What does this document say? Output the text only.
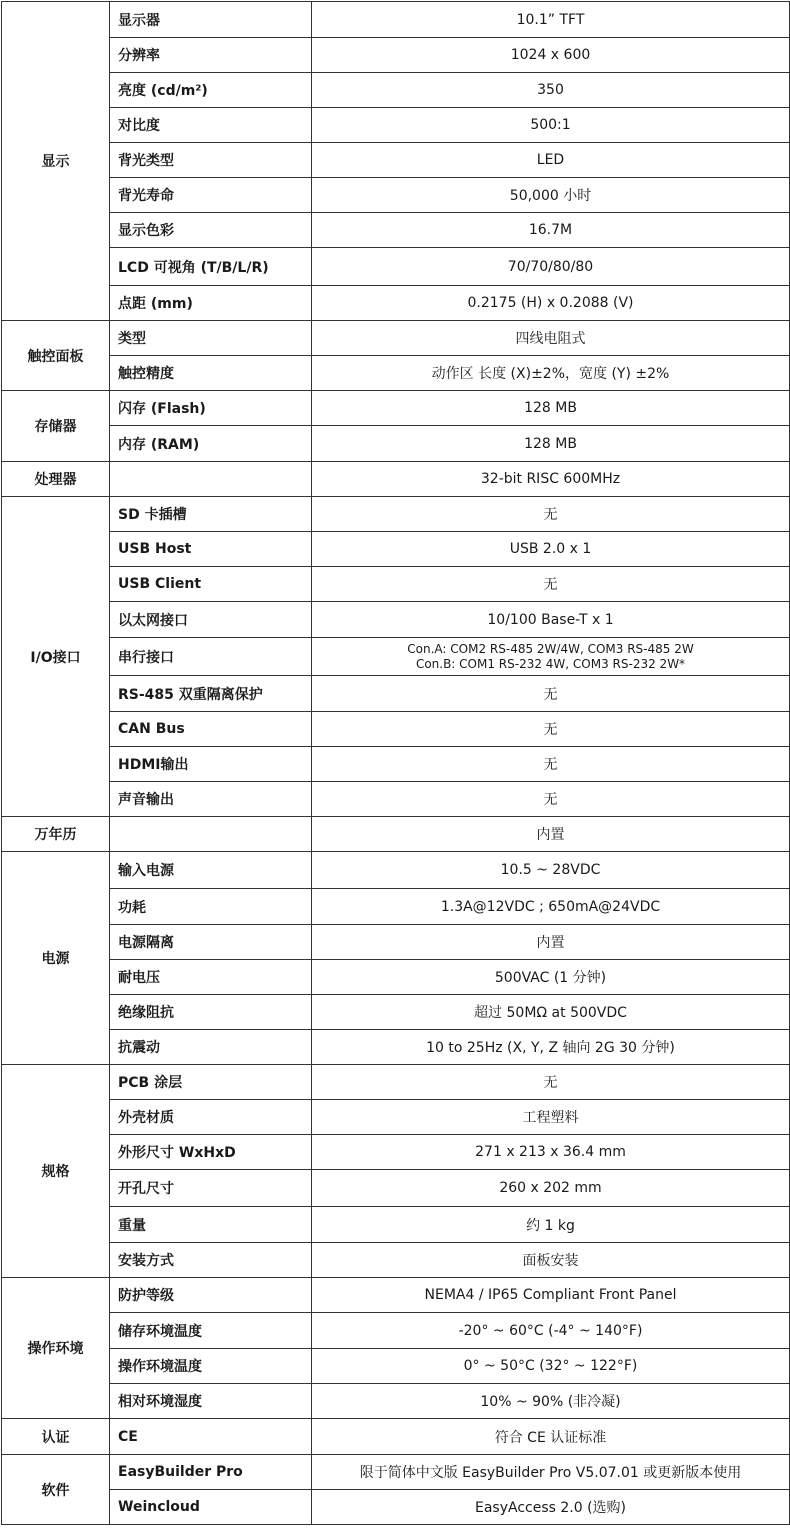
显示	显示器	10.1” TFT
	分辨率	1024 x 600
	亮度 (cd/m²)	350
	对比度	500:1
	背光类型	LED
	背光寿命	50,000 小时
	显示色彩	16.7M
	LCD 可视角 (T/B/L/R)	70/70/80/80
	点距 (mm)	0.2175 (H) x 0.2088 (V)
触控面板	类型	四线电阻式
	触控精度	动作区 长度 (X)±2%，宽度 (Y) ±2%
存储器	闪存 (Flash)	128 MB
	内存 (RAM)	128 MB
处理器		32-bit RISC 600MHz
I/O接口	SD 卡插槽	无
	USB Host	USB 2.0 x 1
	USB Client	无
	以太网接口	10/100 Base-T x 1
	串行接口	Con.A: COM2 RS-485 2W/4W, COM3 RS-485 2W
Con.B: COM1 RS-232 4W, COM3 RS-232 2W*

	RS-485 双重隔离保护	无
	CAN Bus	无
	HDMI输出	无
	声音输出	无
万年历		内置
电源	输入电源	10.5 ~ 28VDC
	功耗	1.3A@12VDC ; 650mA@24VDC
	电源隔离	内置
	耐电压	500VAC (1 分钟)
	绝缘阻抗	超过 50MΩ at 500VDC
	抗震动	10 to 25Hz (X, Y, Z 轴向 2G 30 分钟)
规格	PCB 涂层	无
	外壳材质	工程塑料
	外形尺寸 WxHxD	271 x 213 x 36.4 mm
	开孔尺寸	260 x 202 mm
	重量	约 1 kg
	安装方式	面板安装
操作环境	防护等级	NEMA4 / IP65 Compliant Front Panel
	储存环境温度	-20° ~ 60°C (-4° ~ 140°F)
	操作环境温度	0° ~ 50°C (32° ~ 122°F)
	相对环境湿度	10% ~ 90% (非冷凝)
认证	CE	符合 CE 认证标准
软件	EasyBuilder Pro	限于简体中文版 EasyBuilder Pro V5.07.01 或更新版本使用
	Weincloud	EasyAccess 2.0 (选购)
